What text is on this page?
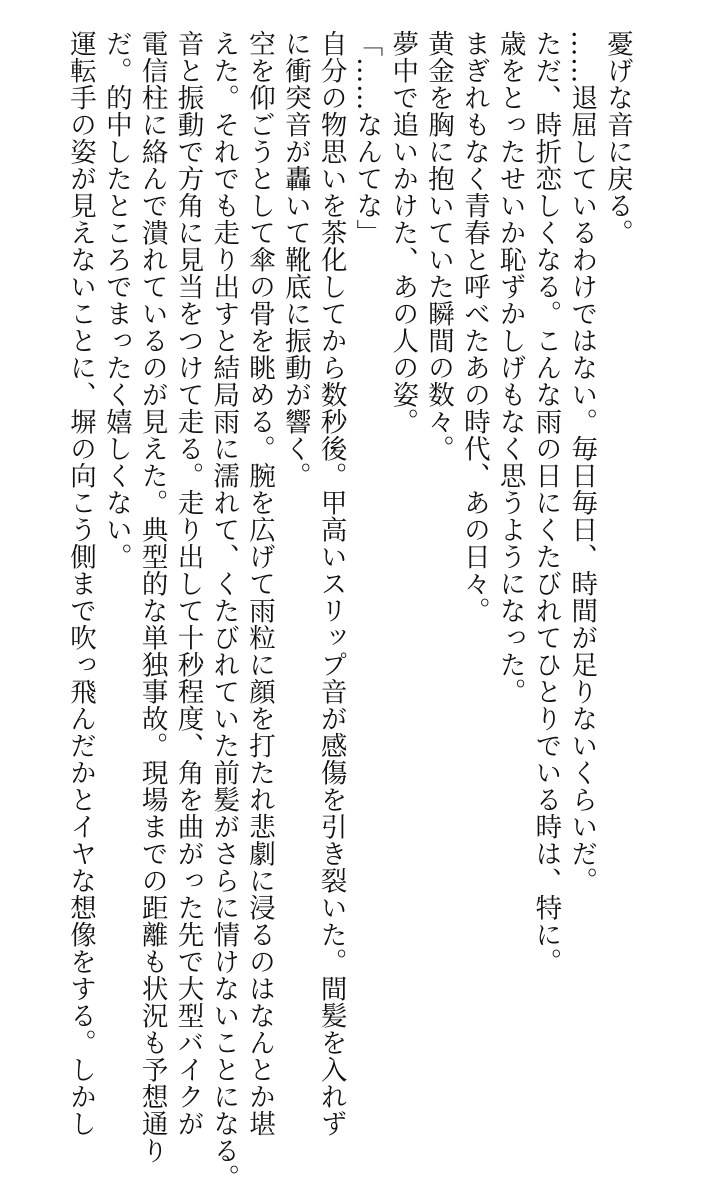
憂げな音に戻る。

……退屈しているわけではない。毎日毎日、時間が足りないくらいだ。

ただ、時折恋しくなる。こんな雨の日にくたびれてひとりでいる時は、特に。

歳をとったせいか恥ずかしげもなく思うようになった。

まぎれもなく青春と呼べたあの時代、あの日々。

黄金を胸に抱いていた瞬間の数々。

夢中で追いかけた、あの人の姿。

「……なんてな」

自分の物思いを茶化してから数秒後。甲高いスリップ音が感傷を引き裂いた。間髪を入れず

に衝突音が轟いて靴底に振動が響く。

空を仰ごうとして傘の骨を眺める。腕を広げて雨粒に顔を打たれ悲劇に浸るのはなんとか堪

えた。それでも走り出すと結局雨に濡れて、くたびれていた前髪がさらに情けないことになる。

音と振動で方角に見当をつけて走る。走り出して十秒程度、角を曲がった先で大型バイクが

電信柱に絡んで潰れているのが見えた。典型的な単独事故。現場までの距離も状況も予想通り

だ。的中したところでまったく嬉しくない。

運転手の姿が見えないことに、塀の向こう側まで吹っ飛んだかとイヤな想像をする。しかし
